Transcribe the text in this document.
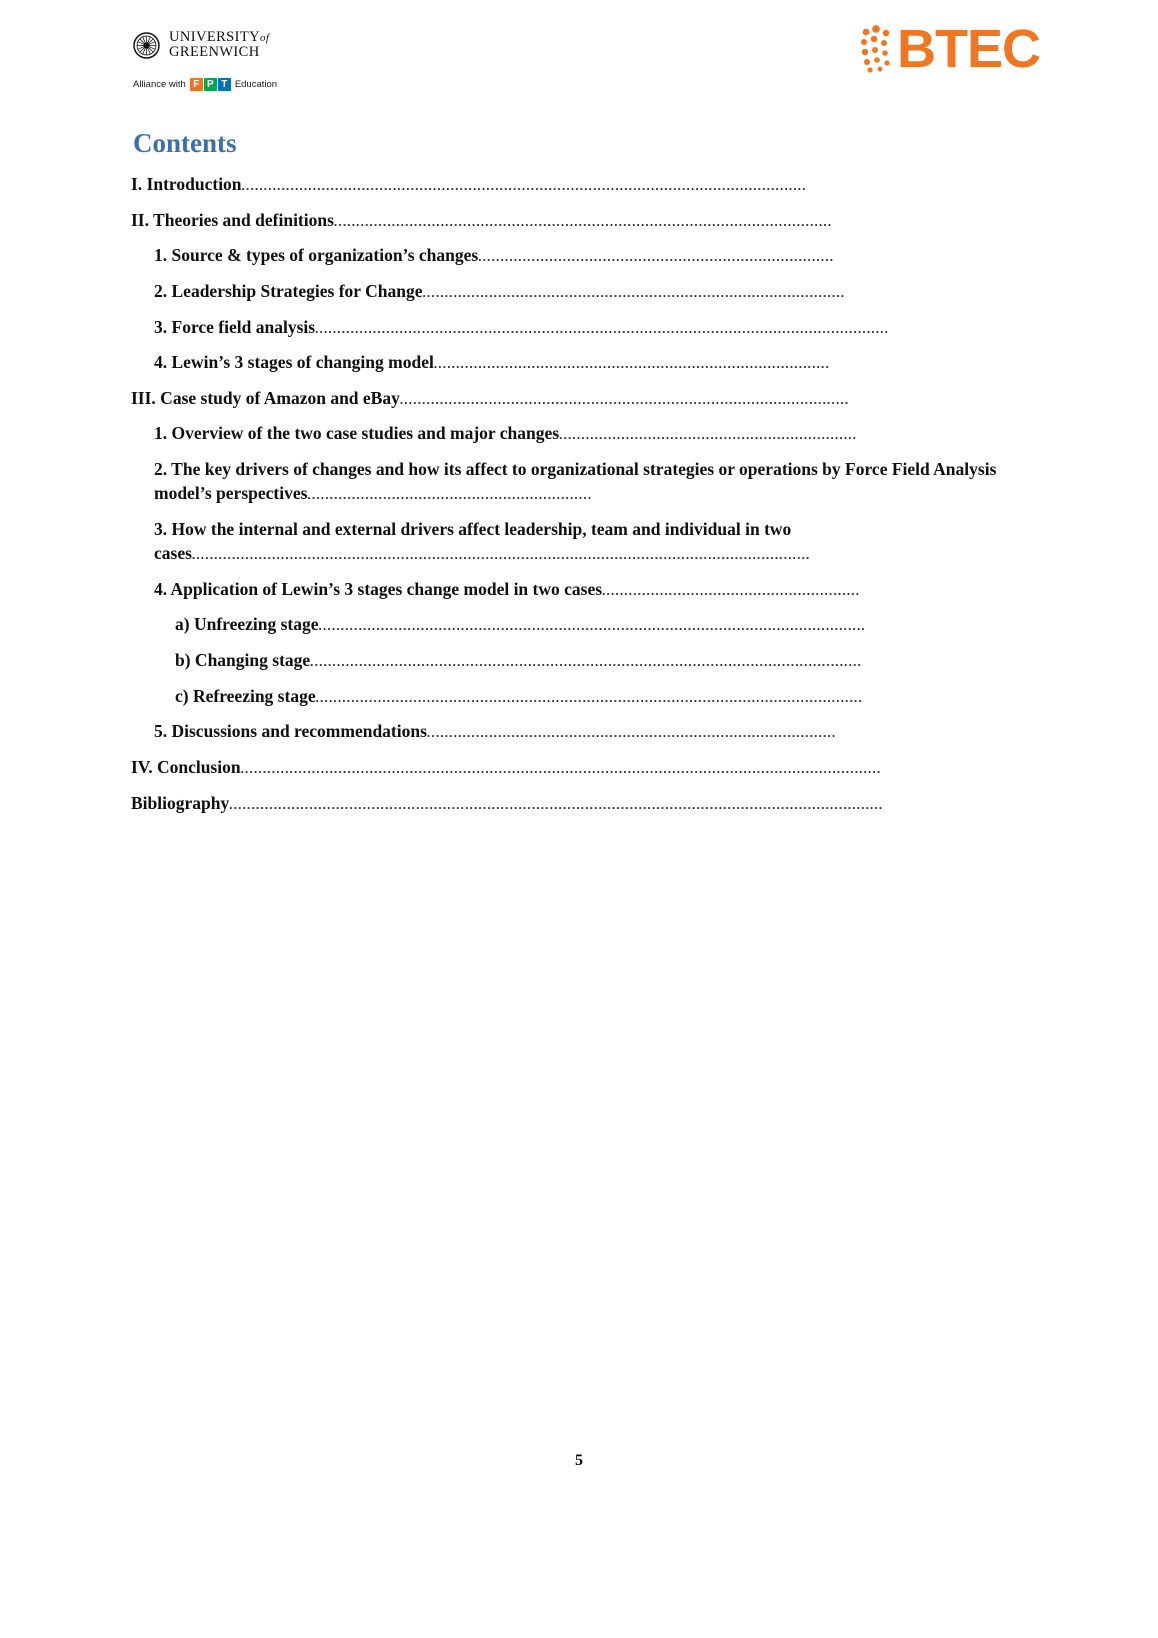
UNIVERSITYof
GREENWICH
Alliance with F P T Education
BTEC
Contents
I. Introduction...............................................................................................................................
II. Theories and definitions................................................................................................................
1. Source & types of organization’s changes................................................................................
2. Leadership Strategies for Change...............................................................................................
3. Force field analysis.................................................................................................................................
4. Lewin’s 3 stages of changing model.........................................................................................
III. Case study of Amazon and eBay.....................................................................................................
1. Overview of the two case studies and major changes...................................................................
2. The key drivers of changes and how its affect to organizational strategies or operations by Force Field Analysis model’s perspectives................................................................
3. How the internal and external drivers affect leadership, team and individual in two cases...........................................................................................................................................
4. Application of Lewin’s 3 stages change model in two cases..........................................................
a) Unfreezing stage...........................................................................................................................
b) Changing stage............................................................................................................................
c) Refreezing stage...........................................................................................................................
5. Discussions and recommendations............................................................................................
IV. Conclusion................................................................................................................................................
Bibliography...................................................................................................................................................
5
